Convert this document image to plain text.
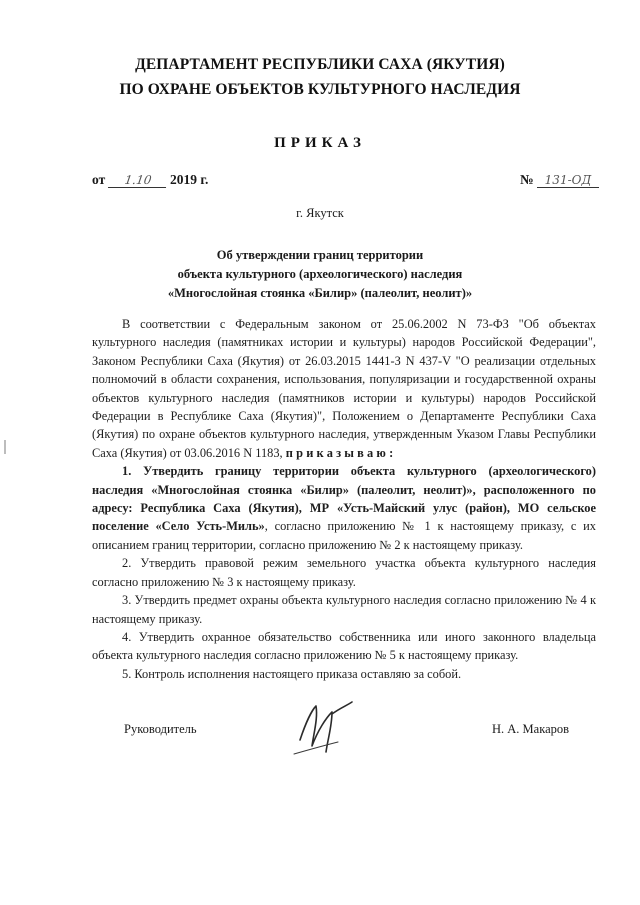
ДЕПАРТАМЕНТ РЕСПУБЛИКИ САХА (ЯКУТИЯ)
ПО ОХРАНЕ ОБЪЕКТОВ КУЛЬТУРНОГО НАСЛЕДИЯ
ПРИКАЗ
от 1.10 2019 г.	№ 131-ОД
г. Якутск
Об утверждении границ территории
объекта культурного (археологического) наследия
«Многослойная стоянка «Билир» (палеолит, неолит)»

В соответствии с Федеральным законом от 25.06.2002 N 73-ФЗ "Об объектах культурного наследия (памятниках истории и культуры) народов Российской Федерации", Законом Республики Саха (Якутия) от 26.03.2015 1441-З N 437-V "О реализации отдельных полномочий в области сохранения, использования, популяризации и государственной охраны объектов культурного наследия (памятников истории и культуры) народов Российской Федерации в Республике Саха (Якутия)", Положением о Департаменте Республики Саха (Якутия) по охране объектов культурного наследия, утвержденным Указом Главы Республики Саха (Якутия) от 03.06.2016 N 1183, приказываю:

1. Утвердить границу территории объекта культурного (археологического) наследия «Многослойная стоянка «Билир» (палеолит, неолит)», расположенного по адресу: Республика Саха (Якутия), МР «Усть-Майский улус (район), МО сельское поселение «Село Усть-Миль», согласно приложению № 1 к настоящему приказу, с их описанием границ территории, согласно приложению № 2 к настоящему приказу.

2. Утвердить правовой режим земельного участка объекта культурного наследия согласно приложению № 3 к настоящему приказу.

3. Утвердить предмет охраны объекта культурного наследия согласно приложению № 4 к настоящему приказу.

4. Утвердить охранное обязательство собственника или иного законного владельца объекта культурного наследия согласно приложению № 5 к настоящему приказу.

5. Контроль исполнения настоящего приказа оставляю за собой.

Руководитель	Н. А. Макаров
